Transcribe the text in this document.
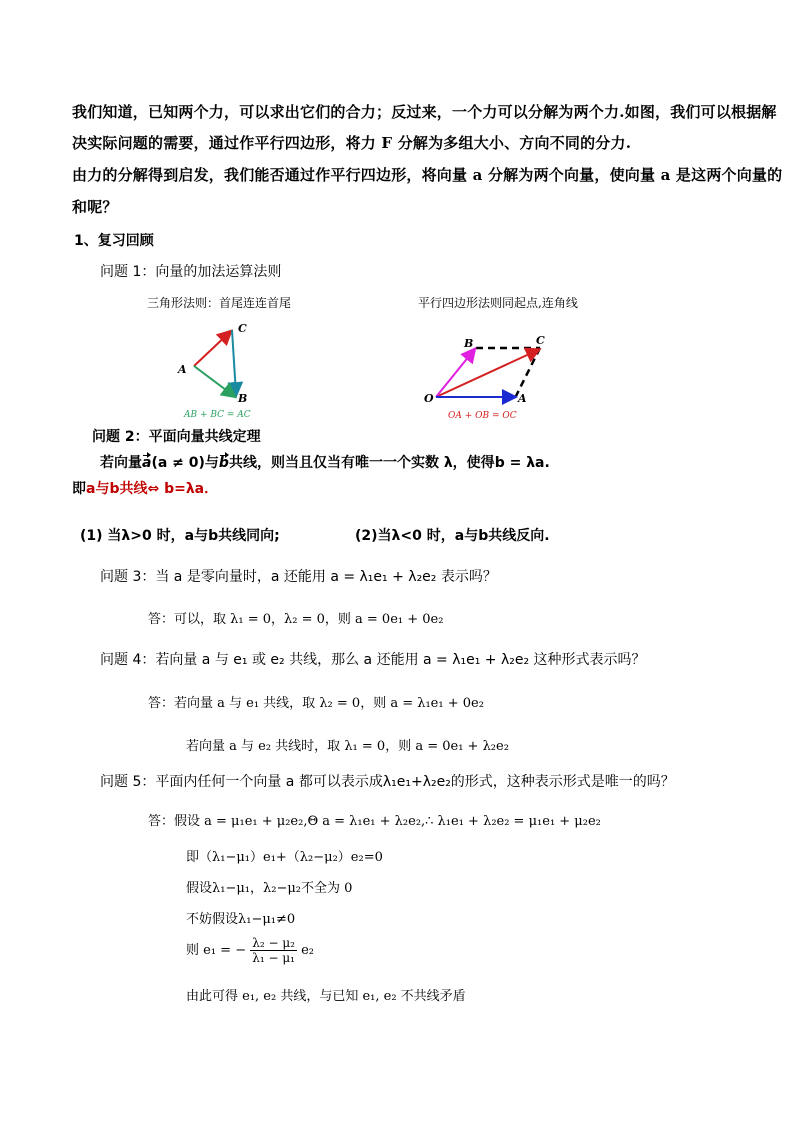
我们知道，已知两个力，可以求出它们的合力；反过来，一个力可以分解为两个力.如图，我们可以根据解
决实际问题的需要，通过作平行四边形，将力 F 分解为多组大小、方向不同的分力.
由力的分解得到启发，我们能否通过作平行四边形，将向量 a 分解为两个向量，使向量 a 是这两个向量的
和呢？
1、复习回顾
问题 1：向量的加法运算法则
三角形法则：首尾连连首尾	平行四边形法则同起点,连角线
A
B
C
AB + BC = AC
O	A
B	C
OA + OB = OC
问题 2：平面向量共线定理
若向量a(a ≠ 0)与b共线，则当且仅当有唯一一个实数 λ，使得b = λa.
即a与b共线⇔ b=λa．
(1) 当λ>0 时，a与b共线同向;	(2)当λ<0 时，a与b共线反向.
问题 3：当 a 是零向量时，a 还能用 a = λ₁e₁ + λ₂e₂ 表示吗？
答：可以，取 λ₁ = 0，λ₂ = 0，则 a = 0e₁ + 0e₂
问题 4：若向量 a 与 e₁ 或 e₂ 共线，那么 a 还能用 a = λ₁e₁ + λ₂e₂ 这种形式表示吗？
答：若向量 a 与 e₁ 共线，取 λ₂ = 0，则 a = λ₁e₁ + 0e₂
若向量 a 与 e₂ 共线时，取 λ₁ = 0，则 a = 0e₁ + λ₂e₂
问题 5：平面内任何一个向量 a 都可以表示成λ₁e₁+λ₂e₂的形式，这种表示形式是唯一的吗？
答：假设 a = μ₁e₁ + μ₂e₂,Θ a = λ₁e₁ + λ₂e₂,∴ λ₁e₁ + λ₂e₂ = μ₁e₁ + μ₂e₂
即（λ₁−μ₁）e₁+（λ₂−μ₂）e₂=0
假设λ₁−μ₁，λ₂−μ₂不全为 0
不妨假设λ₁−μ₁≠0
则 e₁ = − $\frac{\text{λ₂ − μ₂}}{\text{λ₁ − μ₁}} e_2$
由此可得 e₁, e₂ 共线，与已知 e₁, e₂ 不共线矛盾
